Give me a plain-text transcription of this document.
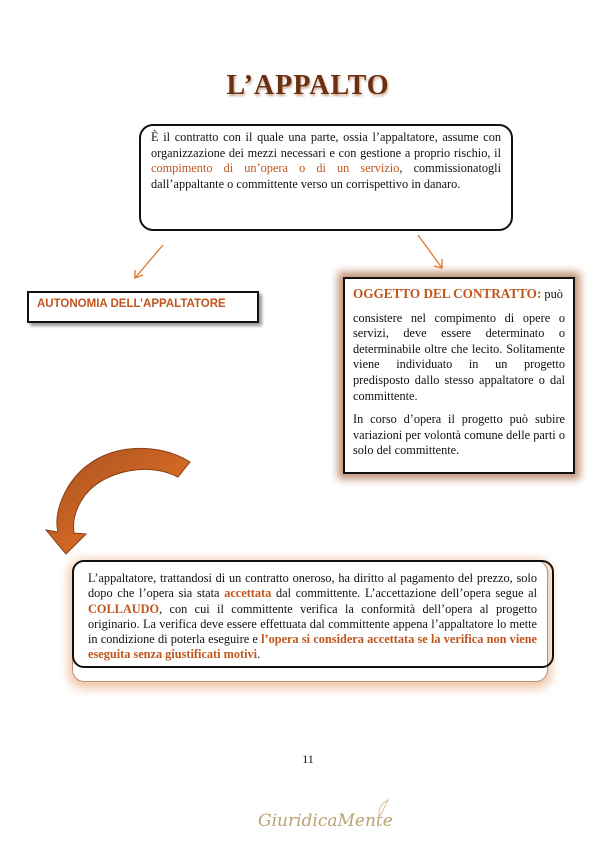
L’APPALTO
È il contratto con il quale una parte, ossia l’appaltatore, assume con organizzazione dei mezzi necessari e con gestione a proprio rischio, il compimento di un’opera o di un servizio, commissionatogli dall’appaltante o committente verso un corrispettivo in danaro.
AUTONOMIA DELL’APPALTATORE

OGGETTO DEL CONTRATTO: può

consistere nel compimento di opere o servizi, deve essere determinato o determinabile oltre che lecito. Solitamente viene individuato in un progetto predisposto dallo stesso appaltatore o dal committente.

In corso d’opera il progetto può subire variazioni per volontà comune delle parti o solo del committente.

L’appaltatore, trattandosi di un contratto oneroso, ha diritto al pagamento del prezzo, solo dopo che l’opera sia stata accettata dal committente. L’accettazione dell’opera segue al COLLAUDO, con cui il committente verifica la conformità dell’opera al progetto originario. La verifica deve essere effettuata dal committente appena l’appaltatore lo mette in condizione di poterla eseguire e l’opera si considera accettata se la verifica non viene eseguita senza giustificati motivi.
11
GiuridicaMente
